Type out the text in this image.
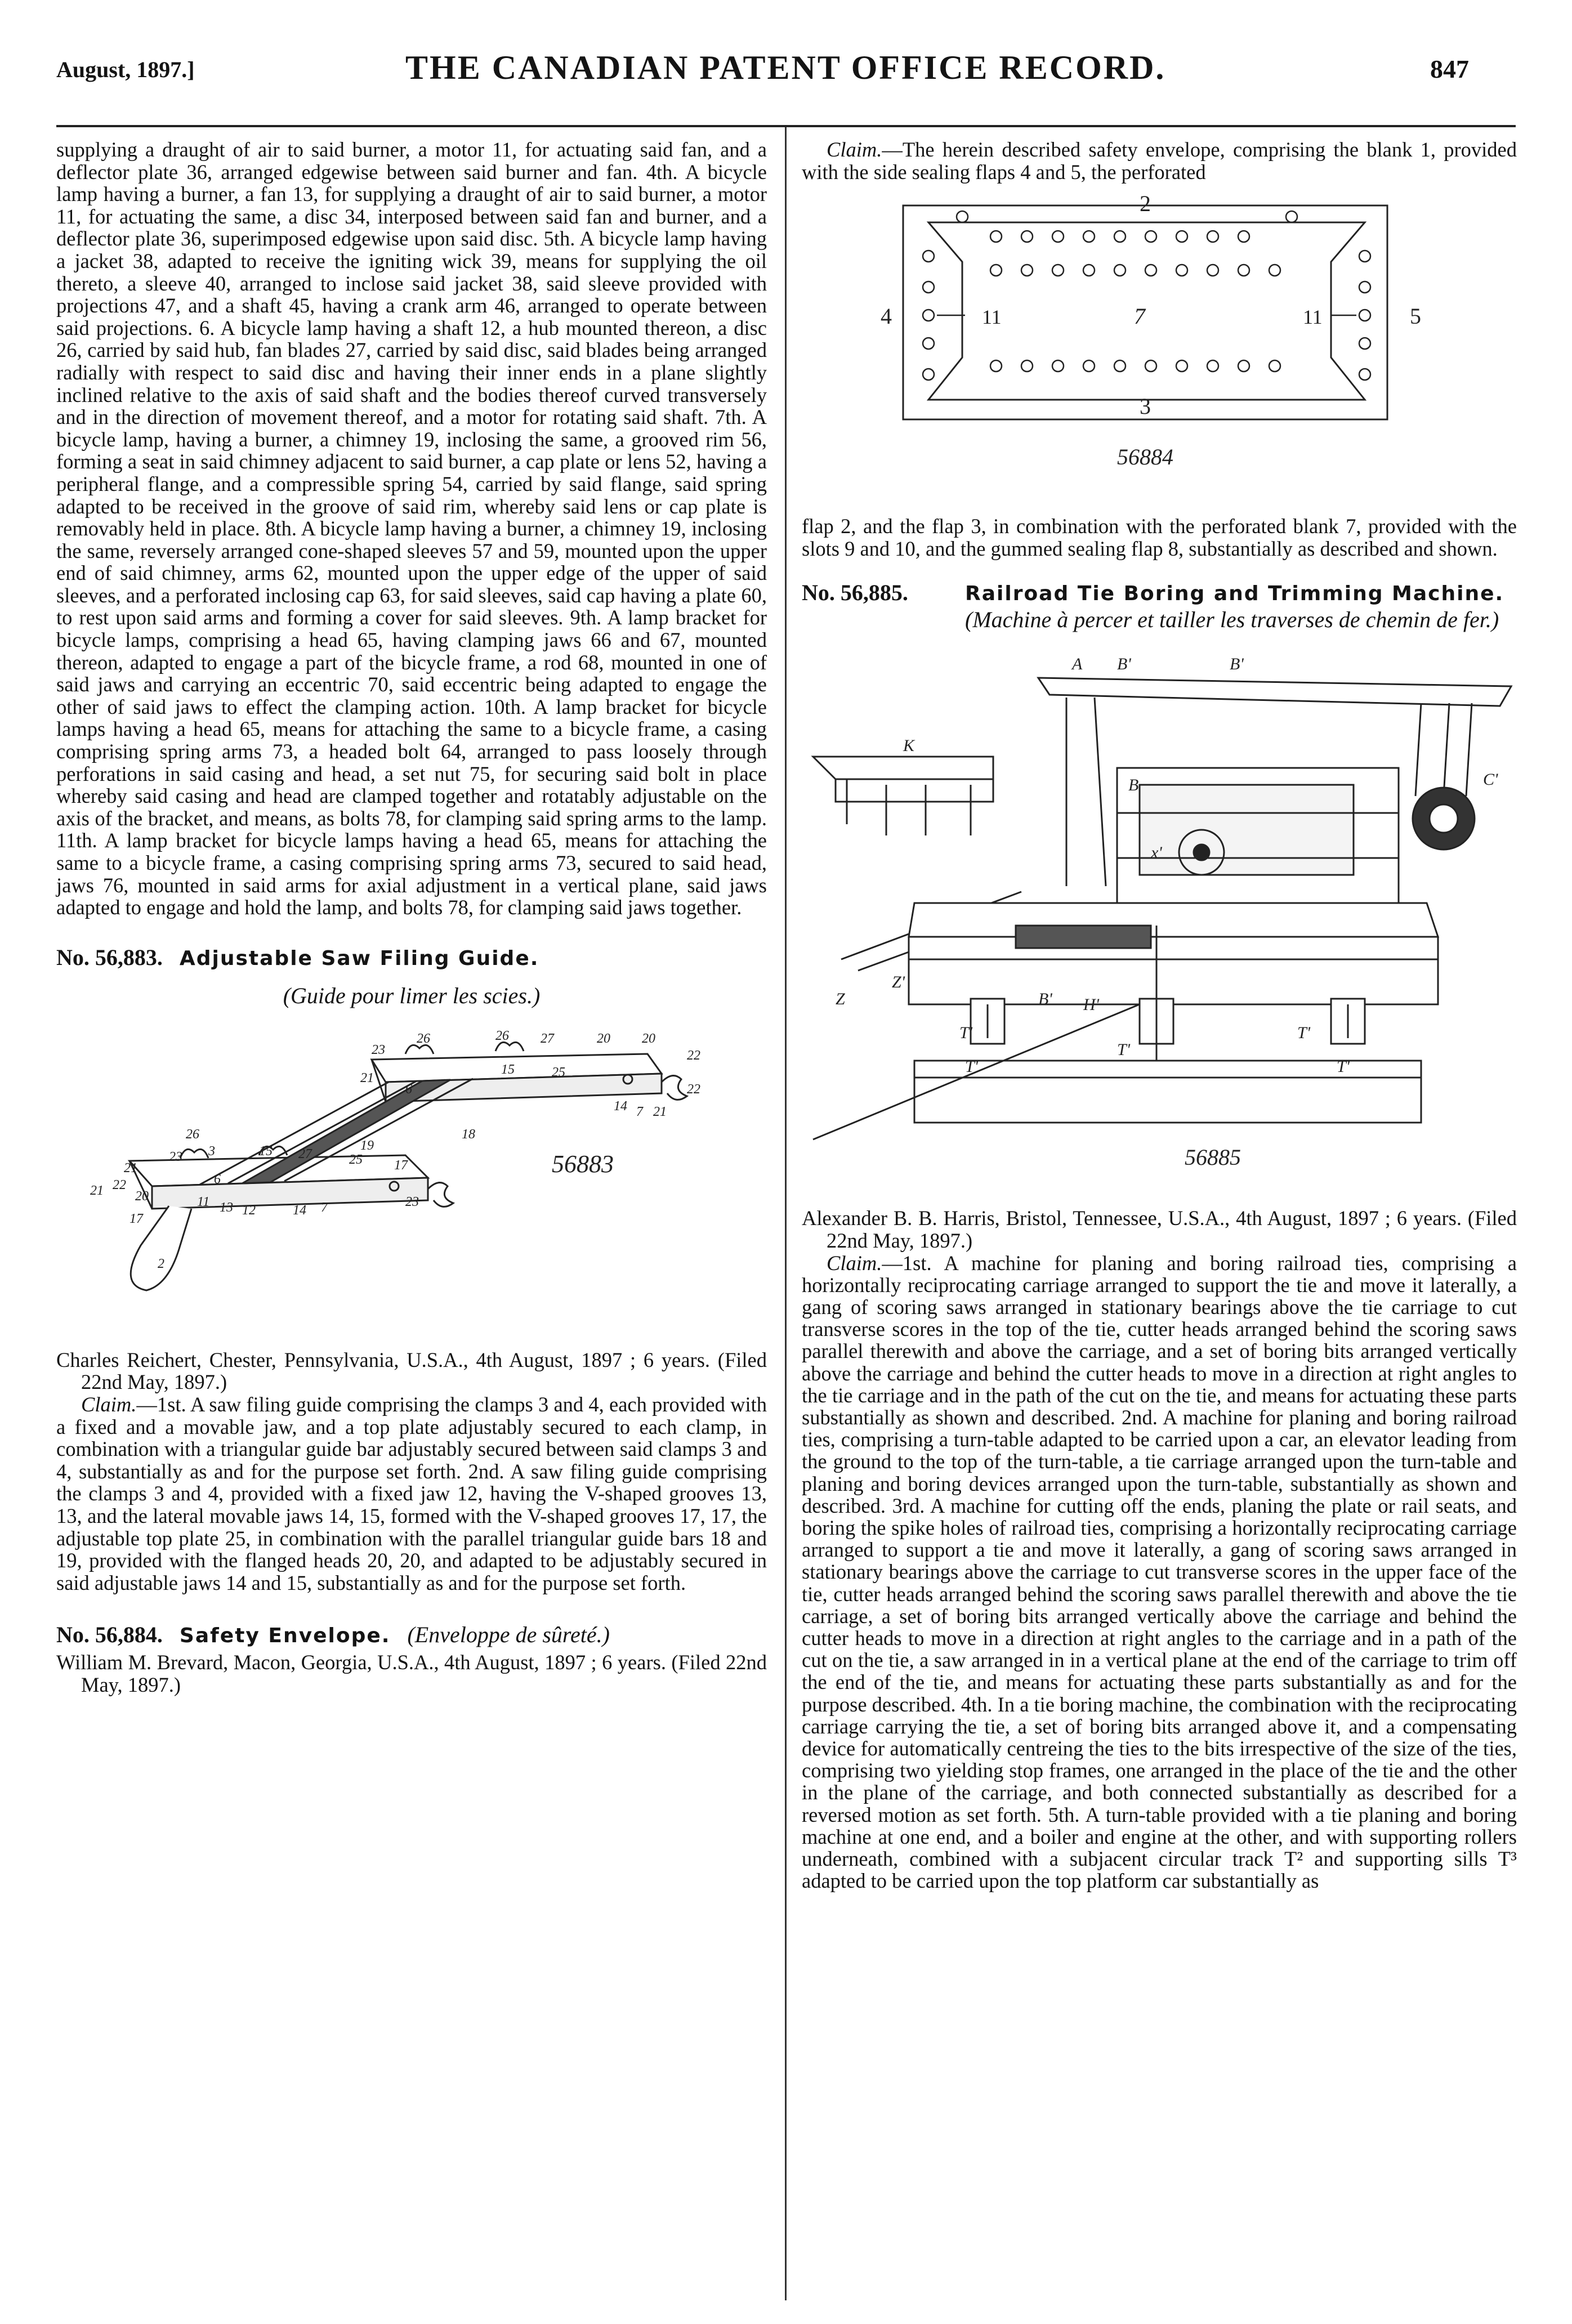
August, 1897.]	THE CANADIAN PATENT OFFICE RECORD.	847

supplying a draught of air to said burner, a motor 11, for actuating said fan, and a deflector plate 36, arranged edgewise between said burner and fan. 4th. A bicycle lamp having a burner, a fan 13, for supplying a draught of air to said burner, a motor 11, for actuating the same, a disc 34, interposed between said fan and burner, and a deflector plate 36, superimposed edgewise upon said disc. 5th. A bicycle lamp having a jacket 38, adapted to receive the igniting wick 39, means for supplying the oil thereto, a sleeve 40, arranged to inclose said jacket 38, said sleeve provided with projections 47, and a shaft 45, having a crank arm 46, arranged to operate between said projections. 6. A bicycle lamp having a shaft 12, a hub mounted thereon, a disc 26, carried by said hub, fan blades 27, carried by said disc, said blades being arranged radially with respect to said disc and having their inner ends in a plane slightly inclined relative to the axis of said shaft and the bodies thereof curved transversely and in the direction of movement thereof, and a motor for rotating said shaft. 7th. A bicycle lamp, having a burner, a chimney 19, inclosing the same, a grooved rim 56, forming a seat in said chimney adjacent to said burner, a cap plate or lens 52, having a peripheral flange, and a compressible spring 54, carried by said flange, said spring adapted to be received in the groove of said rim, whereby said lens or cap plate is removably held in place. 8th. A bicycle lamp having a burner, a chimney 19, inclosing the same, reversely arranged cone-shaped sleeves 57 and 59, mounted upon the upper end of said chimney, arms 62, mounted upon the upper edge of the upper of said sleeves, and a perforated inclosing cap 63, for said sleeves, said cap having a plate 60, to rest upon said arms and forming a cover for said sleeves. 9th. A lamp bracket for bicycle lamps, comprising a head 65, having clamping jaws 66 and 67, mounted thereon, adapted to engage a part of the bicycle frame, a rod 68, mounted in one of said jaws and carrying an eccentric 70, said eccentric being adapted to engage the other of said jaws to effect the clamping action. 10th. A lamp bracket for bicycle lamps having a head 65, means for attaching the same to a bicycle frame, a casing comprising spring arms 73, a headed bolt 64, arranged to pass loosely through perforations in said casing and head, a set nut 75, for securing said bolt in place whereby said casing and head are clamped together and rotatably adjustable on the axis of the bracket, and means, as bolts 78, for clamping said spring arms to the lamp. 11th. A lamp bracket for bicycle lamps having a head 65, means for attaching the same to a bicycle frame, a casing comprising spring arms 73, secured to said head, jaws 76, mounted in said arms for axial adjustment in a vertical plane, said jaws adapted to engage and hold the lamp, and bolts 78, for clamping said jaws together.

No. 56,883. Adjustable Saw Filing Guide.

(Guide pour limer les scies.)

56883
26	26 27	20 20
23	22
21
15	25
6
19
18
14 7 21
22
26
3
23	15 27	25 17
21
6
20
22
21
17
11 13 12	14 7	23
2

Charles Reichert, Chester, Pennsylvania, U.S.A., 4th August, 1897 ; 6 years. (Filed 22nd May, 1897.)

Claim.—1st. A saw filing guide comprising the clamps 3 and 4, each provided with a fixed and a movable jaw, and a top plate adjustably secured to each clamp, in combination with a triangular guide bar adjustably secured between said clamps 3 and 4, substantially as and for the purpose set forth. 2nd. A saw filing guide comprising the clamps 3 and 4, provided with a fixed jaw 12, having the V-shaped grooves 13, 13, and the lateral movable jaws 14, 15, formed with the V-shaped grooves 17, 17, the adjustable top plate 25, in combination with the parallel triangular guide bars 18 and 19, provided with the flanged heads 20, 20, and adapted to be adjustably secured in said adjustable jaws 14 and 15, substantially as and for the purpose set forth.

No. 56,884. Safety Envelope. (Enveloppe de sûreté.)

William M. Brevard, Macon, Georgia, U.S.A., 4th August, 1897 ; 6 years. (Filed 22nd May, 1897.)

Claim.—The herein described safety envelope, comprising the blank 1, provided with the side sealing flaps 4 and 5, the perforated

2
3
4	5
7
11	11
56884

flap 2, and the flap 3, in combination with the perforated blank 7, provided with the slots 9 and 10, and the gummed sealing flap 8, substantially as described and shown.

No. 56,885.	Railroad Tie Boring and Trimming Machine.  (Machine à percer et tailler les traverses de chemin de fer.)
A B'	B'
K
B	C'
T'
T'
T'
T'	T'
x'
B' H'
Z
Z'
56885

Alexander B. B. Harris, Bristol, Tennessee, U.S.A., 4th August, 1897 ; 6 years. (Filed 22nd May, 1897.)

Claim.—1st. A machine for planing and boring railroad ties, comprising a horizontally reciprocating carriage arranged to support the tie and move it laterally, a gang of scoring saws arranged in stationary bearings above the tie carriage to cut transverse scores in the top of the tie, cutter heads arranged behind the scoring saws parallel therewith and above the carriage, and a set of boring bits arranged vertically above the carriage and behind the cutter heads to move in a direction at right angles to the tie carriage and in the path of the cut on the tie, and means for actuating these parts substantially as shown and described. 2nd. A machine for planing and boring railroad ties, comprising a turn-table adapted to be carried upon a car, an elevator leading from the ground to the top of the turn-table, a tie carriage arranged upon the turn-table and planing and boring devices arranged upon the turn-table, substantially as shown and described. 3rd. A machine for cutting off the ends, planing the plate or rail seats, and boring the spike holes of railroad ties, comprising a horizontally reciprocating carriage arranged to support a tie and move it laterally, a gang of scoring saws arranged in stationary bearings above the carriage to cut transverse scores in the upper face of the tie, cutter heads arranged behind the scoring saws parallel therewith and above the tie carriage, a set of boring bits arranged vertically above the carriage and behind the cutter heads to move in a direction at right angles to the carriage and in a path of the cut on the tie, a saw arranged in in a vertical plane at the end of the carriage to trim off the end of the tie, and means for actuating these parts substantially as and for the purpose described. 4th. In a tie boring machine, the combination with the reciprocating carriage carrying the tie, a set of boring bits arranged above it, and a compensating device for automatically centreing the ties to the bits irrespective of the size of the ties, comprising two yielding stop frames, one arranged in the place of the tie and the other in the plane of the carriage, and both connected substantially as described for a reversed motion as set forth. 5th. A turn-table provided with a tie planing and boring machine at one end, and a boiler and engine at the other, and with supporting rollers underneath, combined with a subjacent circular track T² and supporting sills T³ adapted to be carried upon the top platform car substantially as
